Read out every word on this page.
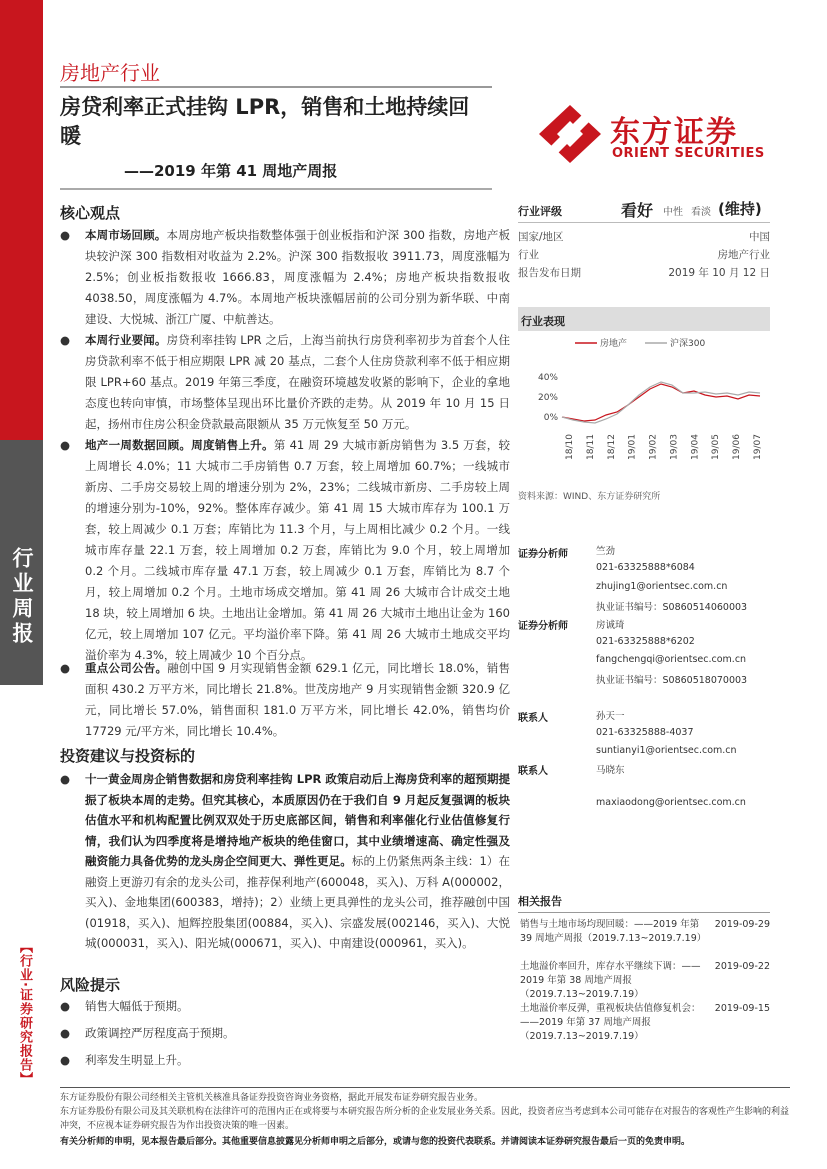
行业周报
【行业·证券研究报告】
房地产行业
房贷利率正式挂钩 LPR，销售和土地持续回暖
——2019 年第 41 周地产周报
东方证券
ORIENT SECURITIES
核心观点
●	本周市场回顾。本周房地产板块指数整体强于创业板指和沪深 300 指数，房地产板块较沪深 300 指数相对收益为 2.2%。沪深 300 指数报收 3911.73，周度涨幅为 2.5%；创业板指数报收 1666.83，周度涨幅为 2.4%；房地产板块指数报收 4038.50，周度涨幅为 4.7%。本周地产板块涨幅居前的公司分别为新华联、中南建设、大悦城、浙江广厦、中航善达。
●	本周行业要闻。房贷利率挂钩 LPR 之后，上海当前执行房贷利率初步为首套个人住房贷款利率不低于相应期限 LPR 减 20 基点，二套个人住房贷款利率不低于相应期限 LPR+60 基点。2019 年第三季度，在融资环境越发收紧的影响下，企业的拿地态度也转向审慎，市场整体呈现出环比量价齐跌的走势。从 2019 年 10 月 15 日起，扬州市住房公积金贷款最高限额从 35 万元恢复至 50 万元。
●	地产一周数据回顾。周度销售上升。第 41 周 29 大城市新房销售为 3.5 万套，较上周增长 4.0%；11 大城市二手房销售 0.7 万套，较上周增加 60.7%；一线城市新房、二手房交易较上周的增速分别为 2%，23%；二线城市新房、二手房较上周的增速分别为-10%，92%。整体库存减少。第 41 周 15 大城市库存为 100.1 万套，较上周减少 0.1 万套；库销比为 11.3 个月，与上周相比减少 0.2 个月。一线城市库存量 22.1 万套，较上周增加 0.2 万套，库销比为 9.0 个月，较上周增加 0.2 个月。二线城市库存量 47.1 万套，较上周减少 0.1 万套，库销比为 8.7 个月，较上周增加 0.2 个月。土地市场成交增加。第 41 周 26 大城市合计成交土地 18 块，较上周增加 6 块。土地出让金增加。第 41 周 26 大城市土地出让金为 160 亿元，较上周增加 107 亿元。平均溢价率下降。第 41 周 26 大城市土地成交平均溢价率为 4.3%，较上周减少 10 个百分点。
●	重点公司公告。融创中国 9 月实现销售金额 629.1 亿元，同比增长 18.0%，销售面积 430.2 万平方米，同比增长 21.8%。世茂房地产 9 月实现销售金额 320.9 亿元，同比增长 57.0%，销售面积 181.0 万平方米，同比增长 42.0%，销售均价 17729 元/平方米，同比增长 10.4%。
投资建议与投资标的
●	十一黄金周房企销售数据和房贷利率挂钩 LPR 政策启动后上海房贷利率的超预期提振了板块本周的走势。但究其核心，本质原因仍在于我们自 9 月起反复强调的板块估值水平和机构配置比例双双处于历史底部区间，销售和利率催化行业估值修复行情，我们认为四季度将是增持地产板块的绝佳窗口，其中业绩增速高、确定性强及融资能力具备优势的龙头房企空间更大、弹性更足。标的上仍紧焦两条主线：1）在融资上更游刃有余的龙头公司，推荐保利地产(600048，买入)、万科 A(000002，买入)、金地集团(600383，增持)；2）业绩上更具弹性的龙头公司，推荐融创中国(01918，买入)、旭辉控股集团(00884，买入)、宗盛发展(002146，买入)、大悦城(000031，买入)、阳光城(000671，买入)、中南建设(000961，买入)。
风险提示
●	销售大幅低于预期。
●	政策调控严厉程度高于预期。
●	利率发生明显上升。
行业评级	看好 中性 看淡 (维持)
国家/地区	中国
行业	房地产行业
报告发布日期	2019 年 10 月 12 日
行业表现
房地产	沪深300
40%
20%
0%
18/10 18/11 18/12 19/01 19/02 19/03 19/04 19/05 19/06 19/07
资料来源：WIND、东方证券研究所
证券分析师	竺劲
021-63325888*6084
zhujing1@orientsec.com.cn
执业证书编号：S0860514060003
证券分析师	房诚琦
021-63325888*6202
fangchengqi@orientsec.com.cn
执业证书编号：S0860518070003
联系人	孙天一
021-63325888-4037
suntianyi1@orientsec.com.cn
联系人	马晓东
maxiaodong@orientsec.com.cn
相关报告
销售与土地市场均现回暖：——2019 年第 39 周地产周报（2019.7.13~2019.7.19）
2019-09-29
土地溢价率回升，库存水平继续下调：——2019 年第 38 周地产周报（2019.7.13~2019.7.19）
2019-09-22
土地溢价率反弹，重视板块估值修复机会：——2019 年第 37 周地产周报（2019.7.13~2019.7.19）
2019-09-15
东方证券股份有限公司经相关主管机关核准具备证券投资咨询业务资格，据此开展发布证券研究报告业务。
东方证券股份有限公司及其关联机构在法律许可的范围内正在或将要与本研究报告所分析的企业发展业务关系。因此，投资者应当考虑到本公司可能存在对报告的客观性产生影响的利益冲突，不应视本证券研究报告为作出投资决策的唯一因素。
有关分析师的申明，见本报告最后部分。其他重要信息披露见分析师申明之后部分，或请与您的投资代表联系。并请阅读本证券研究报告最后一页的免责申明。
